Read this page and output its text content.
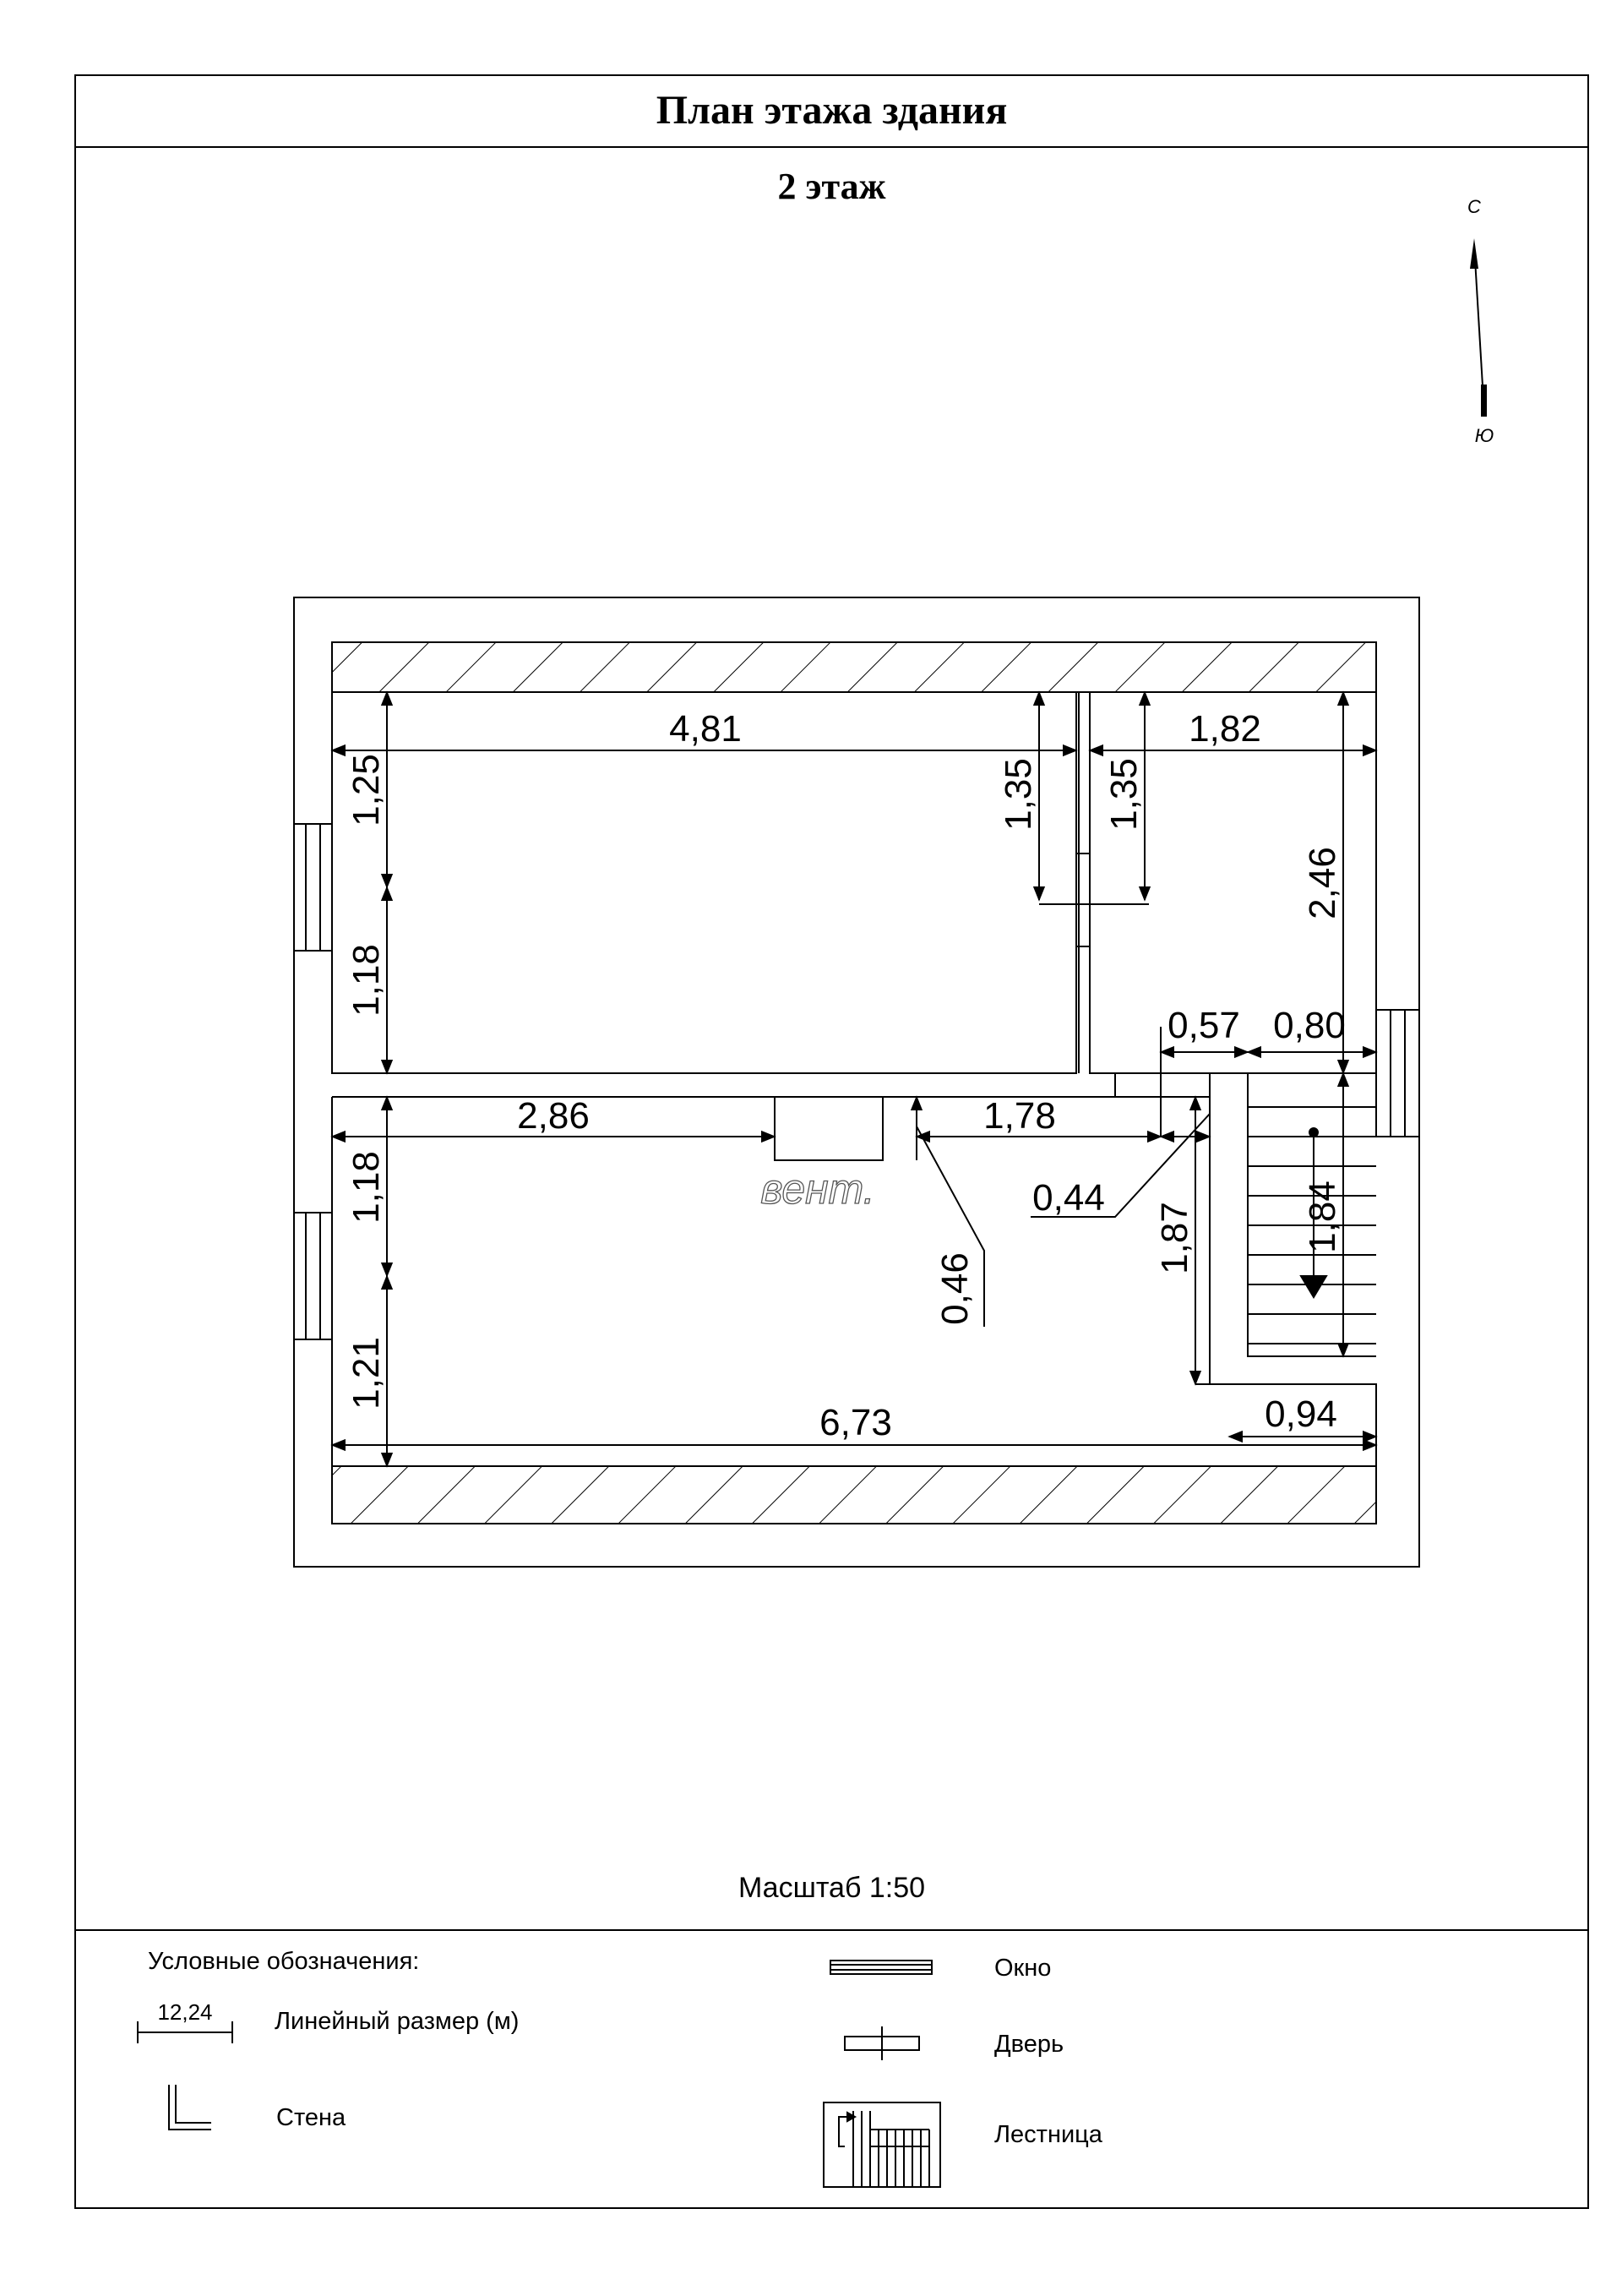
План этажа здания
2 этаж	С
Ю
вент.
4,81	1,82
1,25
1,18
1,35 1,35
2,46
0,57 0,80
2,86	1,78
1,18
1,21
0,46
0,44
1,87	1,84
0,94
6,73
12,24
Масштаб 1:50
Условные обозначения:
Линейный размер (м)
Стена
Окно
Дверь
Лестница
